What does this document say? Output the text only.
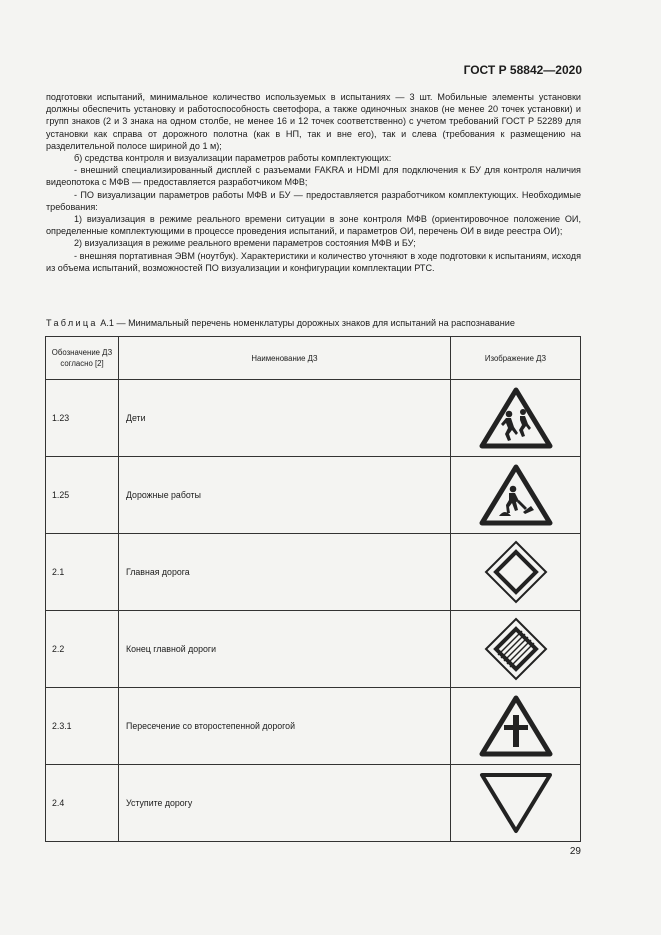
ГОСТ Р 58842—2020

подготовки испытаний, минимальное количество используемых в испытаниях — 3 шт. Мобильные элементы установки должны обеспечить установку и работоспособность светофора, а также одиночных знаков (не менее 20 точек установки) и групп знаков (2 и 3 знака на одном столбе, не менее 16 и 12 точек соответственно) с учетом требований ГОСТ Р 52289 для установки как справа от дорожного полотна (как в НП, так и вне его), так и слева (требования к размещению на разделительной полосе шириной до 1 м);

б) средства контроля и визуализации параметров работы комплектующих:

- внешний специализированный дисплей с разъемами FAKRA и HDMI для подключения к БУ для контроля наличия видеопотока с МФВ — предоставляется разработчиком МФВ;

- ПО визуализации параметров работы МФВ и БУ — предоставляется разработчиком комплектующих. Необходимые требования:

1) визуализация в режиме реального времени ситуации в зоне контроля МФВ (ориентировочное положение ОИ, определенные комплектующими в процессе проведения испытаний, и параметров ОИ, перечень ОИ в виде реестра ОИ);

2) визуализация в режиме реального времени параметров состояния МФВ и БУ;

- внешняя портативная ЭВМ (ноутбук). Характеристики и количество уточняют в ходе подготовки к испытаниям, исходя из объема испытаний, возможностей ПО визуализации и конфигурации комплектации РТС.

Таблица А.1 — Минимальный перечень номенклатуры дорожных знаков для испытаний на распознавание
Обозначение ДЗ согласно [2]	Наименование ДЗ	Изображение ДЗ
1.23	Дети	

1.25	Дорожные работы	

2.1	Главная дорога	

2.2	Конец главной дороги	

2.3.1	Пересечение со второстепенной дорогой	

2.4	Уступите дорогу	
29
